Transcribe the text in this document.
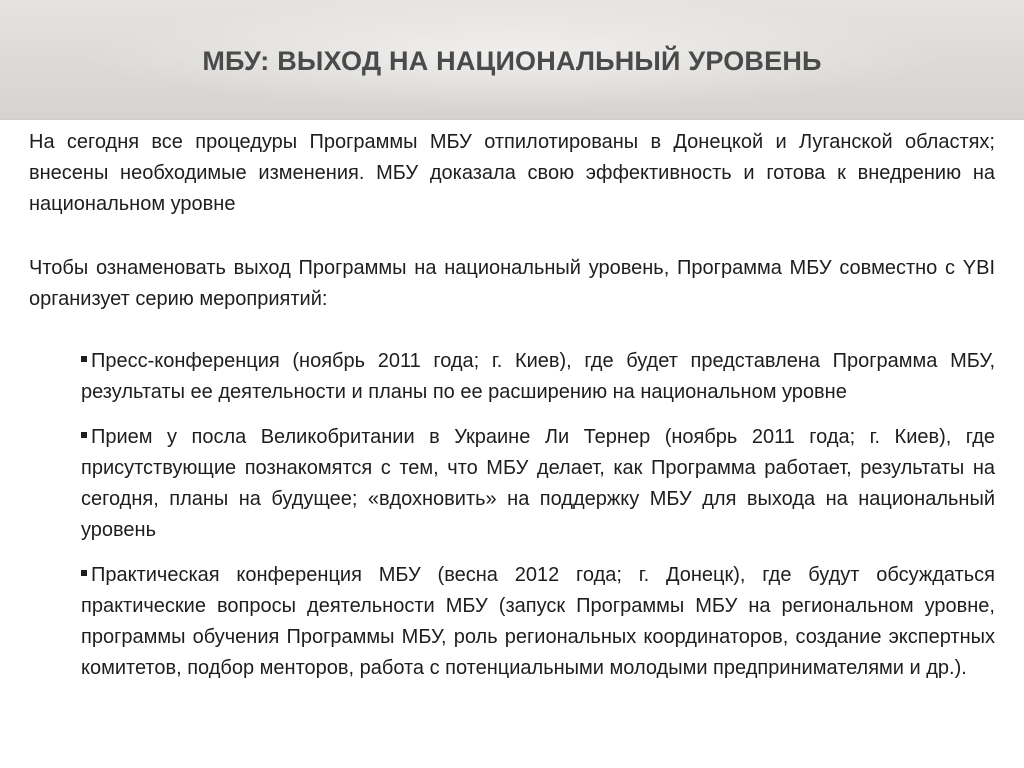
МБУ: ВЫХОД НА НАЦИОНАЛЬНЫЙ УРОВЕНЬ

На сегодня все процедуры Программы МБУ отпилотированы в Донецкой и Луганской областях; внесены необходимые изменения. МБУ доказала свою эффективность и готова к внедрению на национальном уровне

Чтобы ознаменовать выход Программы на национальный уровень, Программа МБУ совместно с YBI организует серию мероприятий:

Пресс-конференция (ноябрь 2011 года; г. Киев), где будет представлена Программа МБУ, результаты ее деятельности и планы по ее расширению на национальном уровне
Прием у посла Великобритании в Украине Ли Тернер (ноябрь 2011 года; г. Киев), где присутствующие познакомятся с тем, что МБУ делает, как Программа работает, результаты на сегодня, планы на будущее; «вдохновить» на поддержку МБУ для выхода на национальный уровень
Практическая конференция МБУ (весна 2012 года; г. Донецк), где будут обсуждаться практические вопросы деятельности МБУ (запуск Программы МБУ на региональном уровне, программы обучения Программы МБУ, роль региональных координаторов, создание экспертных комитетов, подбор менторов, работа с потенциальными молодыми предпринимателями и др.).
